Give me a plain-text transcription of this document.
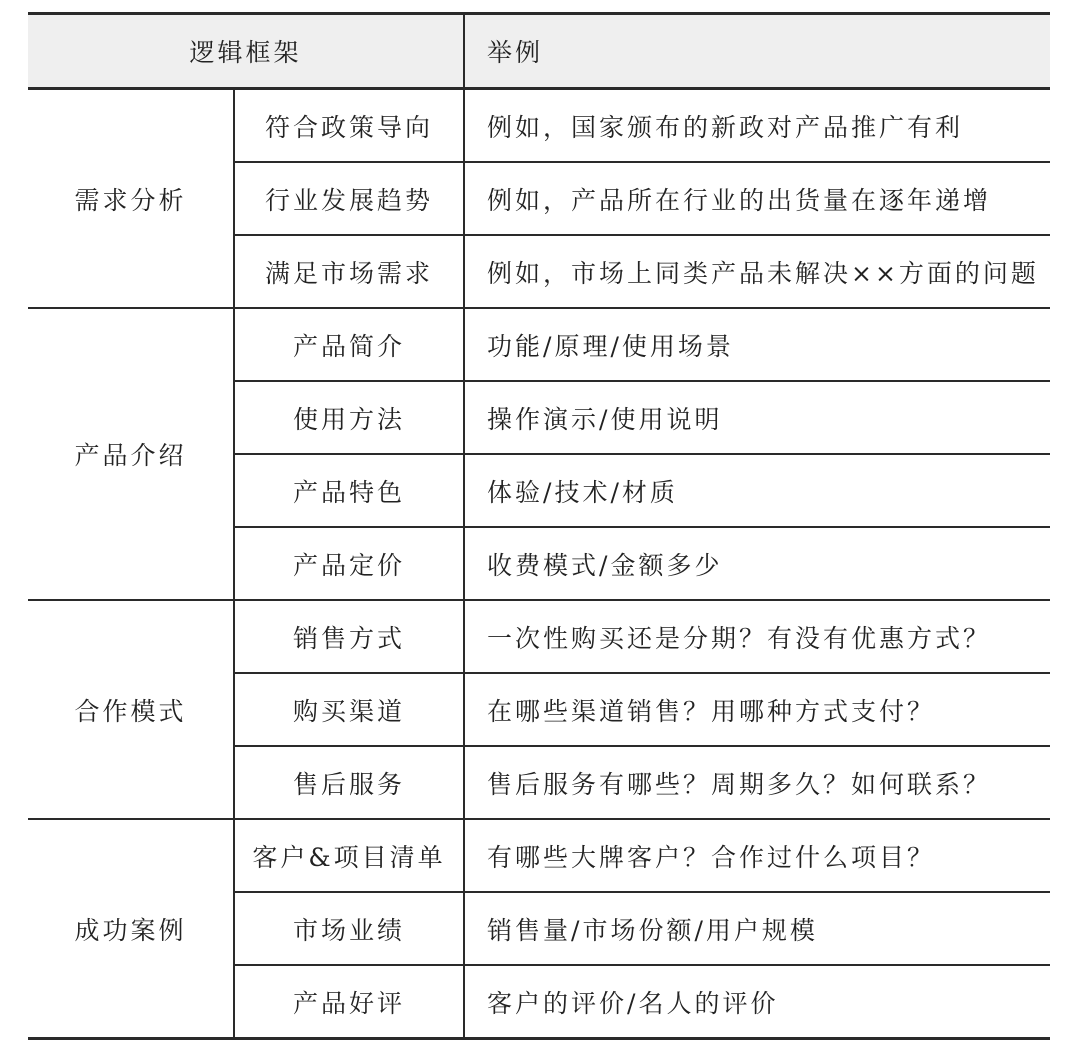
逻辑框架		举例
需求分析	符合政策导向	例如，国家颁布的新政对产品推广有利
	行业发展趋势	例如，产品所在行业的出货量在逐年递增
	满足市场需求	例如，市场上同类产品未解决××方面的问题
产品介绍	产品简介	功能/原理/使用场景
	使用方法	操作演示/使用说明
	产品特色	体验/技术/材质
	产品定价	收费模式/金额多少
合作模式	销售方式	一次性购买还是分期？有没有优惠方式？
	购买渠道	在哪些渠道销售？用哪种方式支付？
	售后服务	售后服务有哪些？周期多久？如何联系？
成功案例	客户&项目清单	有哪些大牌客户？合作过什么项目？
	市场业绩	销售量/市场份额/用户规模
	产品好评	客户的评价/名人的评价
